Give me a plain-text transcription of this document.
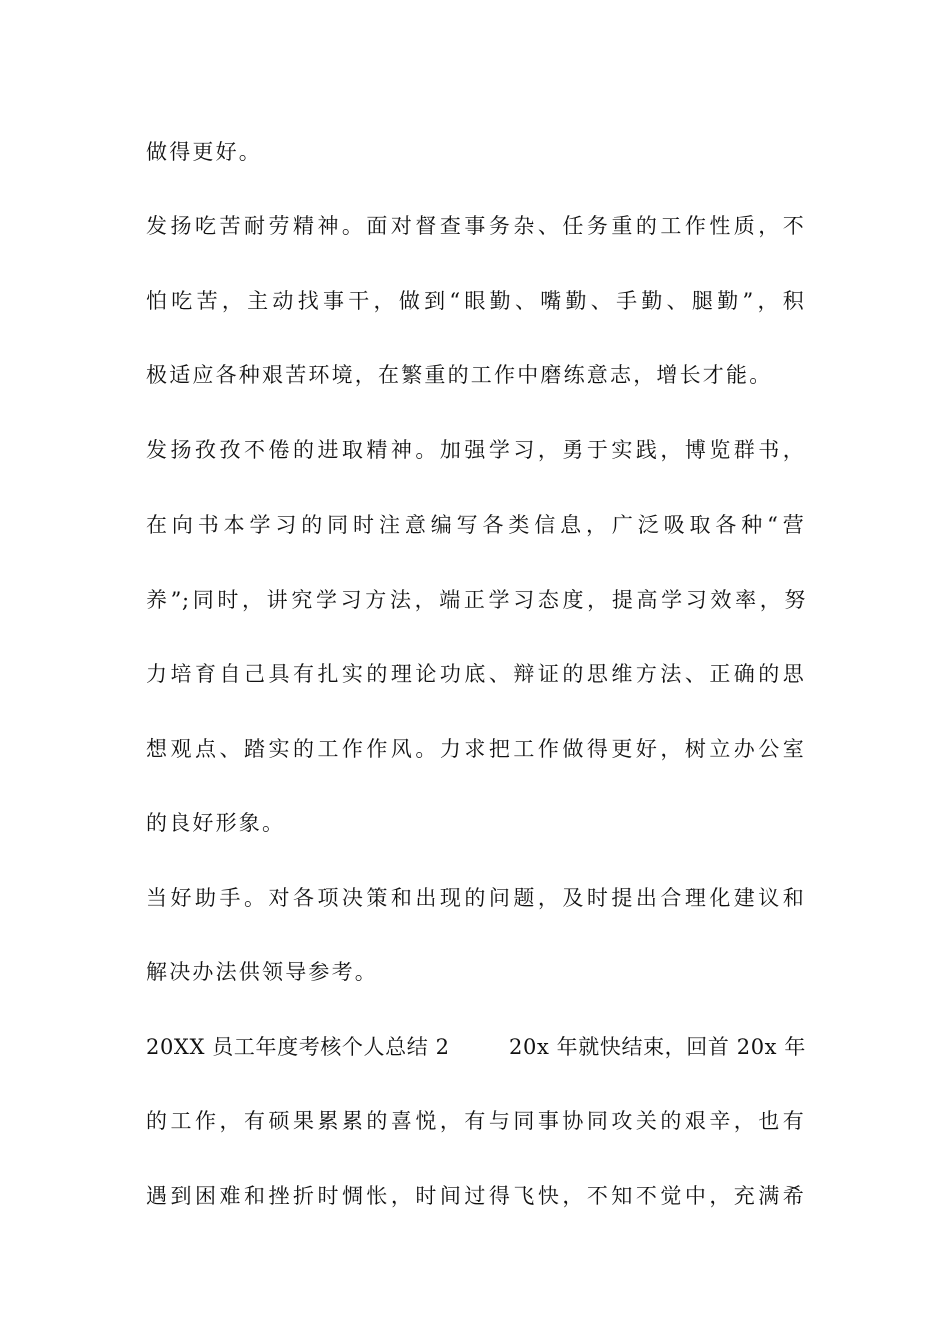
做得更好。
发扬吃苦耐劳精神。面对督查事务杂、任务重的工作性质，不
怕吃苦，主动找事干，做到“眼勤、嘴勤、手勤、腿勤”，积
极适应各种艰苦环境，在繁重的工作中磨练意志，增长才能。
发扬孜孜不倦的进取精神。加强学习，勇于实践，博览群书，
在向书本学习的同时注意编写各类信息，广泛吸取各种“营
养”;同时，讲究学习方法，端正学习态度，提高学习效率，努
力培育自己具有扎实的理论功底、辩证的思维方法、正确的思
想观点、踏实的工作作风。力求把工作做得更好，树立办公室
的良好形象。
当好助手。对各项决策和出现的问题，及时提出合理化建议和
解决办法供领导参考。
20XX 员工年度考核个人总结 2	20x 年就快结束，回首 20x 年
的工作，有硕果累累的喜悦，有与同事协同攻关的艰辛，也有
遇到困难和挫折时惆怅，时间过得飞快，不知不觉中，充满希
